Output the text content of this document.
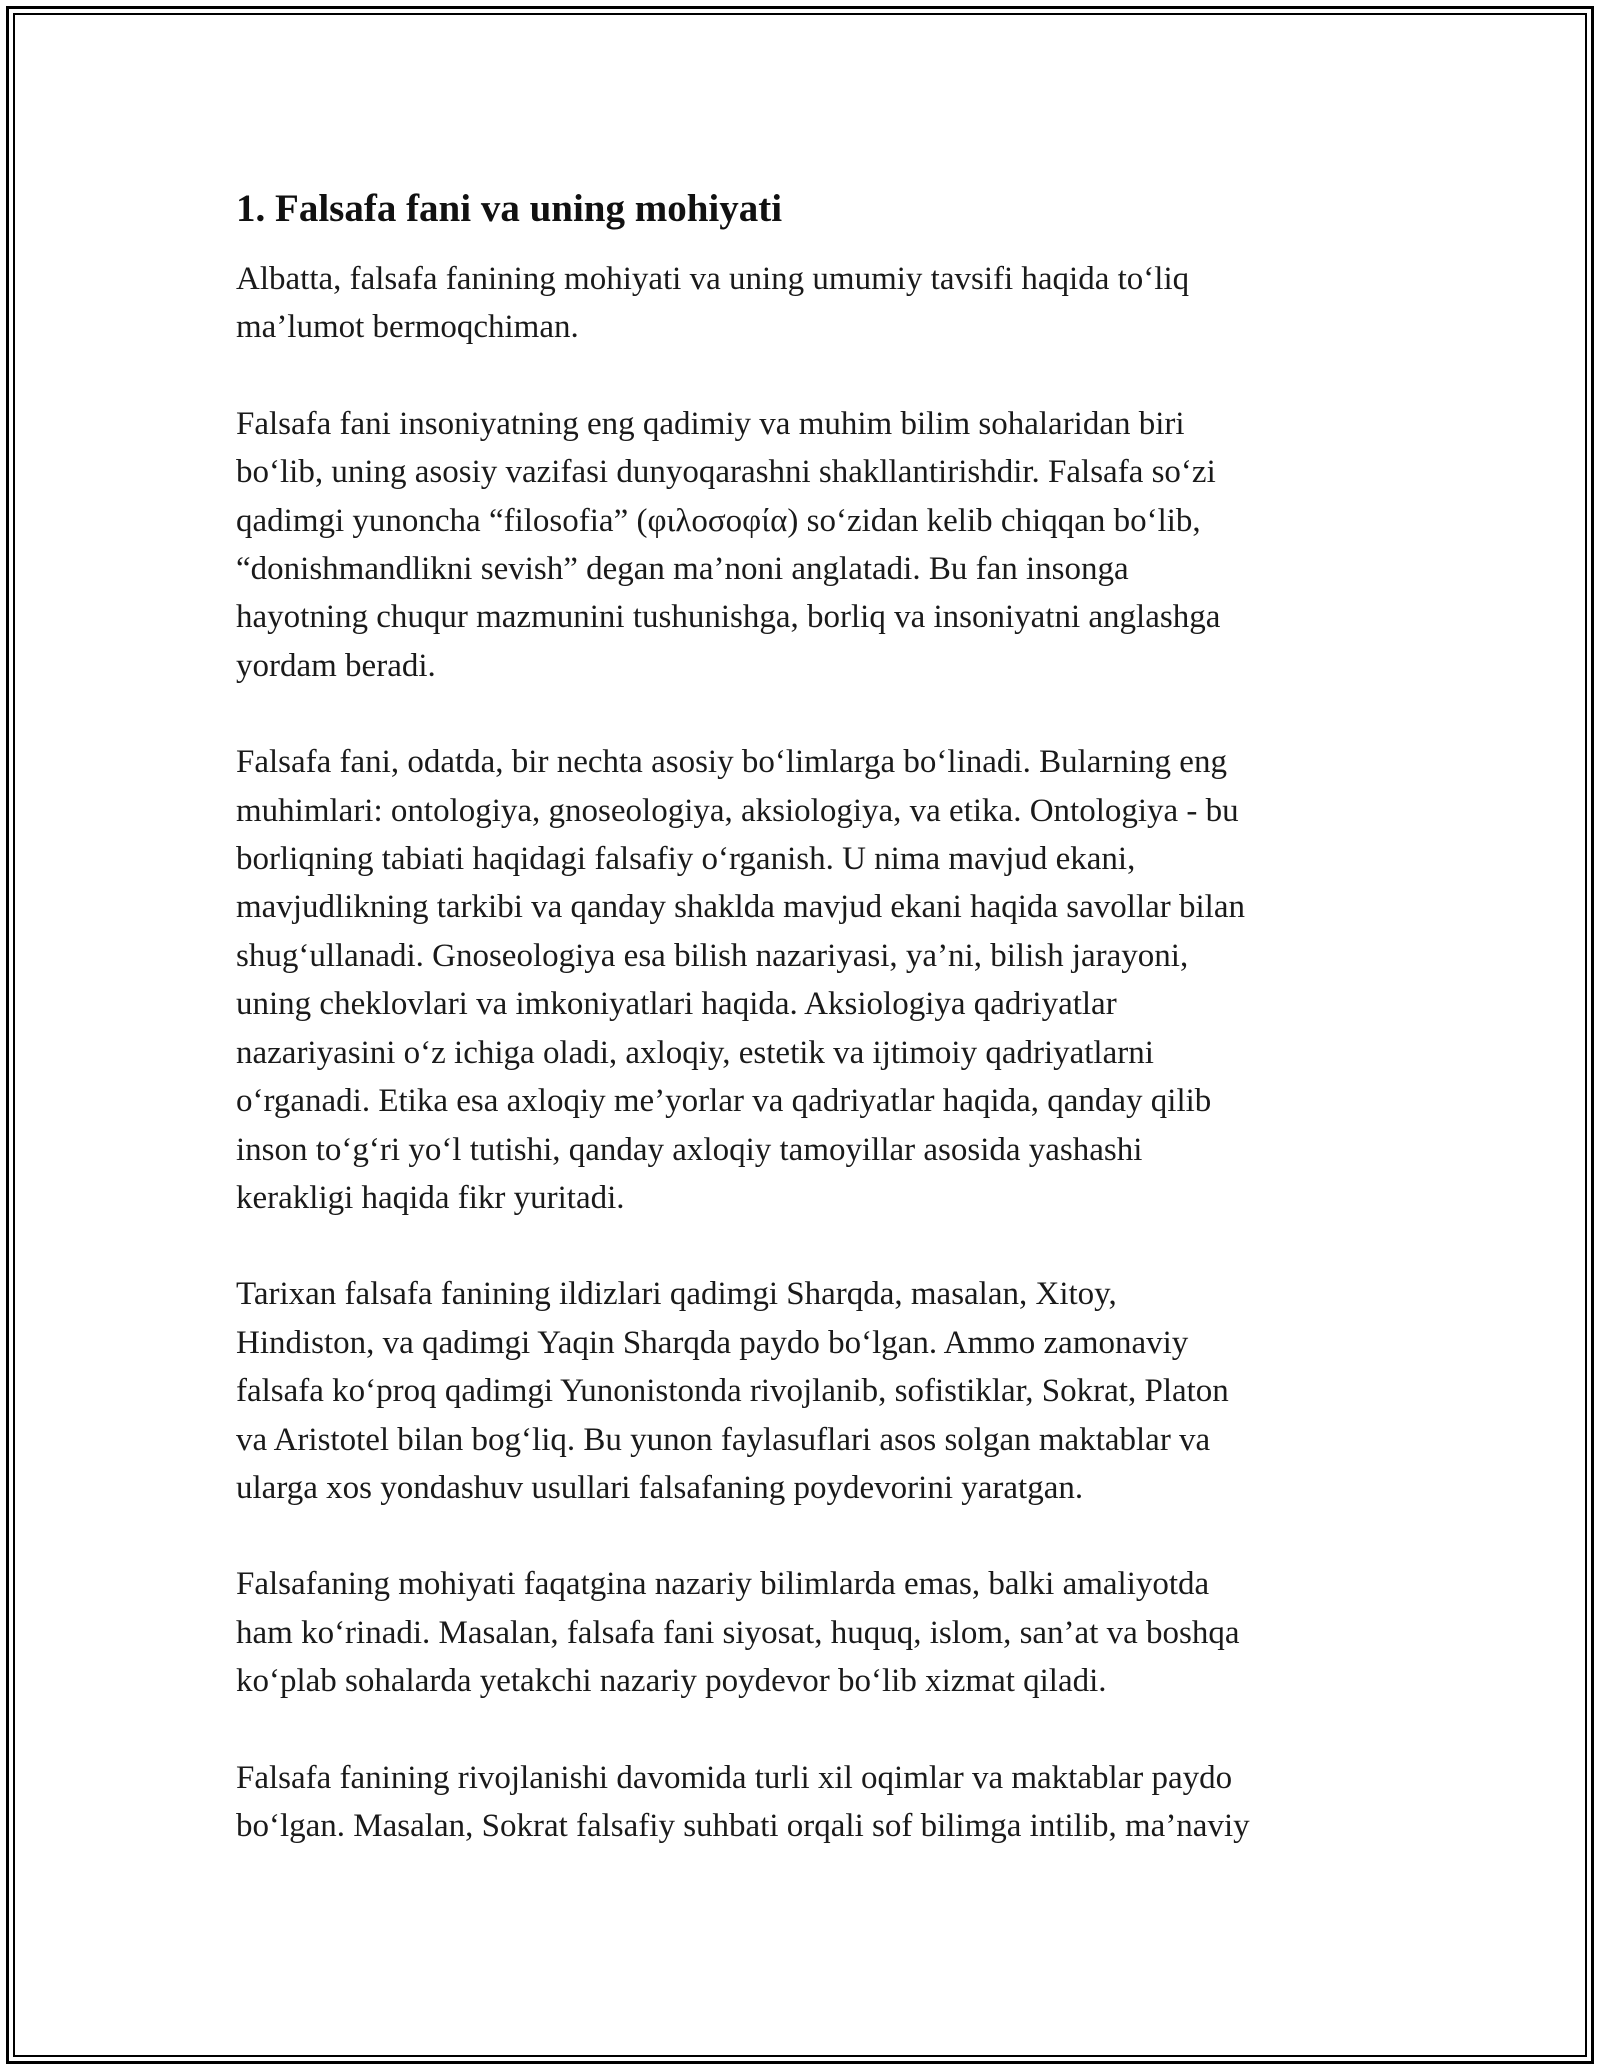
1. Falsafa fani va uning mohiyati

Albatta, falsafa fanining mohiyati va uning umumiy tavsifi haqida to‘liq
ma’lumot bermoqchiman.

Falsafa fani insoniyatning eng qadimiy va muhim bilim sohalaridan biri
bo‘lib, uning asosiy vazifasi dunyoqarashni shakllantirishdir. Falsafa so‘zi
qadimgi yunoncha “filosofia” (φιλοσοφία) so‘zidan kelib chiqqan bo‘lib,
“donishmandlikni sevish” degan ma’noni anglatadi. Bu fan insonga
hayotning chuqur mazmunini tushunishga, borliq va insoniyatni anglashga
yordam beradi.

Falsafa fani, odatda, bir nechta asosiy bo‘limlarga bo‘linadi. Bularning eng
muhimlari: ontologiya, gnoseologiya, aksiologiya, va etika. Ontologiya - bu
borliqning tabiati haqidagi falsafiy o‘rganish. U nima mavjud ekani,
mavjudlikning tarkibi va qanday shaklda mavjud ekani haqida savollar bilan
shug‘ullanadi. Gnoseologiya esa bilish nazariyasi, ya’ni, bilish jarayoni,
uning cheklovlari va imkoniyatlari haqida. Aksiologiya qadriyatlar
nazariyasini o‘z ichiga oladi, axloqiy, estetik va ijtimoiy qadriyatlarni
o‘rganadi. Etika esa axloqiy me’yorlar va qadriyatlar haqida, qanday qilib
inson to‘g‘ri yo‘l tutishi, qanday axloqiy tamoyillar asosida yashashi
kerakligi haqida fikr yuritadi.

Tarixan falsafa fanining ildizlari qadimgi Sharqda, masalan, Xitoy,
Hindiston, va qadimgi Yaqin Sharqda paydo bo‘lgan. Ammo zamonaviy
falsafa ko‘proq qadimgi Yunonistonda rivojlanib, sofistiklar, Sokrat, Platon
va Aristotel bilan bog‘liq. Bu yunon faylasuflari asos solgan maktablar va
ularga xos yondashuv usullari falsafaning poydevorini yaratgan.

Falsafaning mohiyati faqatgina nazariy bilimlarda emas, balki amaliyotda
ham ko‘rinadi. Masalan, falsafa fani siyosat, huquq, islom, san’at va boshqa
ko‘plab sohalarda yetakchi nazariy poydevor bo‘lib xizmat qiladi.

Falsafa fanining rivojlanishi davomida turli xil oqimlar va maktablar paydo
bo‘lgan. Masalan, Sokrat falsafiy suhbati orqali sof bilimga intilib, ma’naviy
